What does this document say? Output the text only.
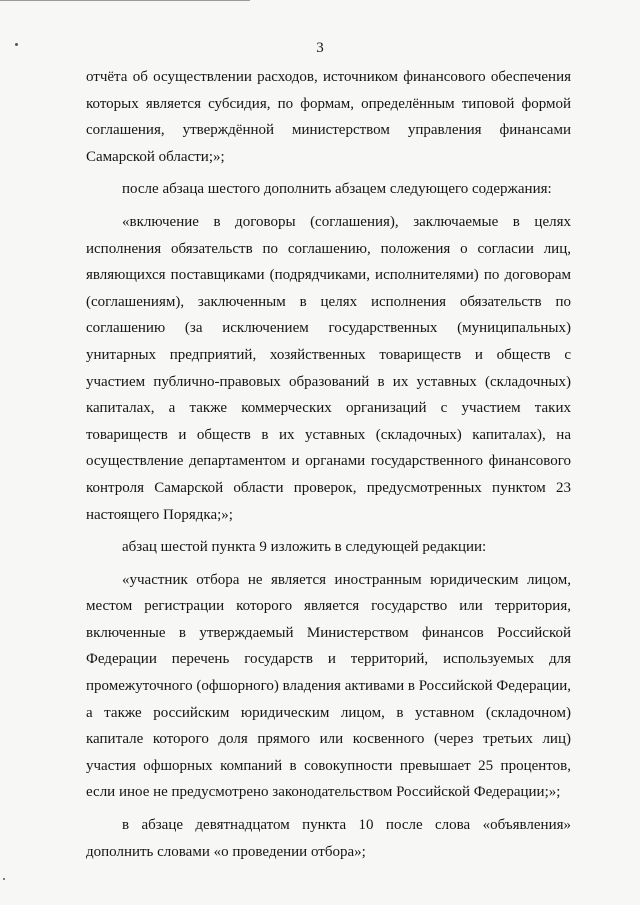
3

отчёта об осуществлении расходов, источником финансового обеспечения которых является субсидия, по формам, определённым типовой формой соглашения, утверждённой министерством управления финансами Самарской области;»;

после абзаца шестого дополнить абзацем следующего содержания:

«включение в договоры (соглашения), заключаемые в целях исполнения обязательств по соглашению, положения о согласии лиц, являющихся поставщиками (подрядчиками, исполнителями) по договорам (соглашениям), заключенным в целях исполнения обязательств по соглашению (за исключением государственных (муниципальных) унитарных предприятий, хозяйственных товариществ и обществ с участием публично-правовых образований в их уставных (складочных) капиталах, а также коммерческих организаций с участием таких товариществ и обществ в их уставных (складочных) капиталах), на осуществление департаментом и органами государственного финансового контроля Самарской области проверок, предусмотренных пунктом 23 настоящего Порядка;»;

абзац шестой пункта 9 изложить в следующей редакции:

«участник отбора не является иностранным юридическим лицом, местом регистрации которого является государство или территория, включенные в утверждаемый Министерством финансов Российской Федерации перечень государств и территорий, используемых для промежуточного (офшорного) владения активами в Российской Федерации, а также российским юридическим лицом, в уставном (складочном) капитале которого доля прямого или косвенного (через третьих лиц) участия офшорных компаний в совокупности превышает 25 процентов, если иное не предусмотрено законодательством Российской Федерации;»;

в абзаце девятнадцатом пункта 10 после слова «объявления» дополнить словами «о проведении отбора»;
